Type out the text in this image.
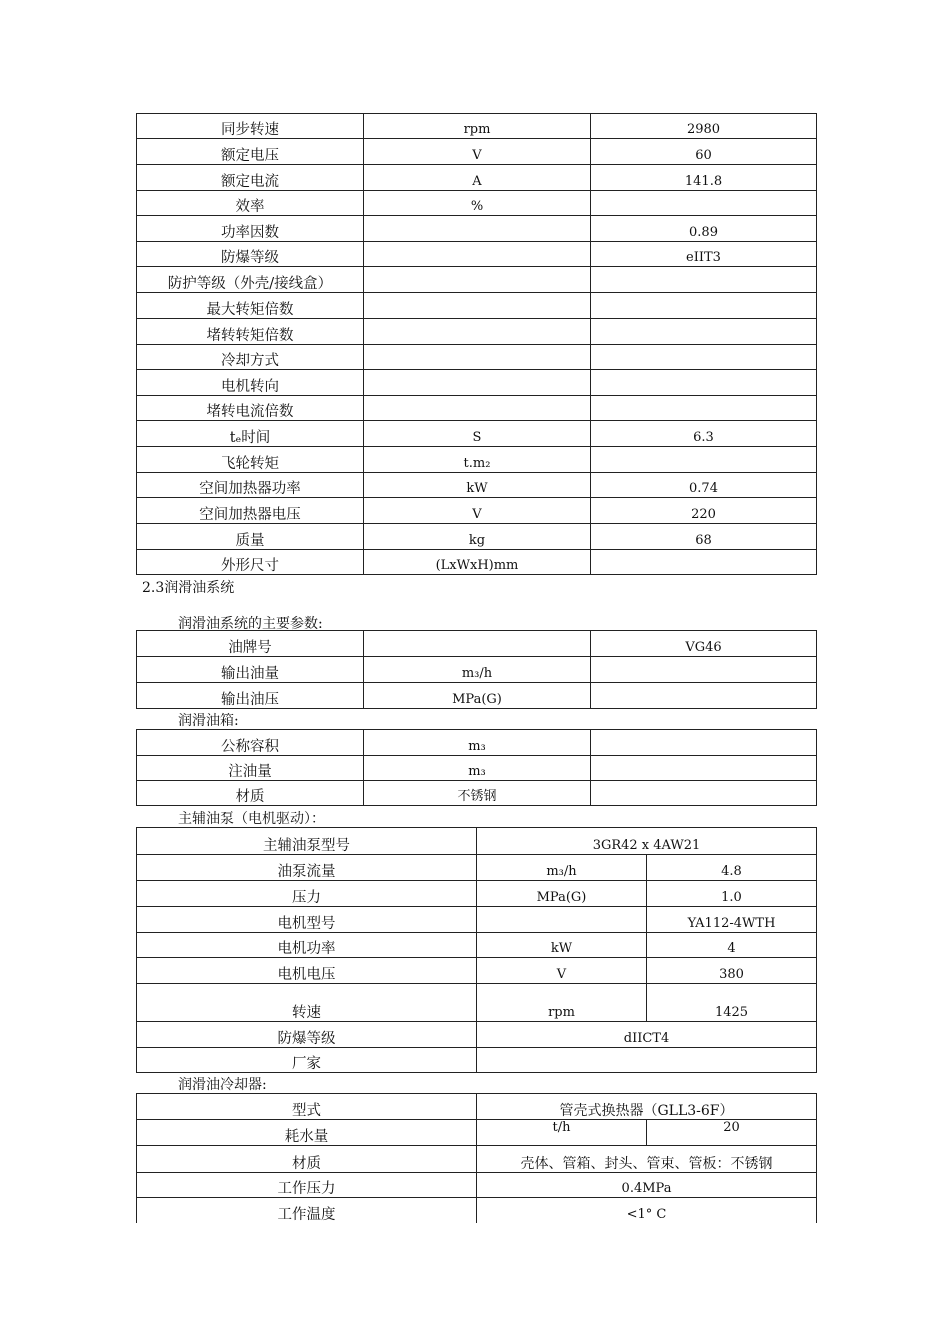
同步转速	rpm	2980
额定电压	V	60
额定电流	A	141.8
效率	%	
功率因数		0.89
防爆等级		eIIT3
防护等级（外壳/接线盒）		
最大转矩倍数		
堵转转矩倍数		
冷却方式		
电机转向		
堵转电流倍数		
tₑ时间	S	6.3
飞轮转矩	t.m₂	
空间加热器功率	kW	0.74
空间加热器电压	V	220
质量	kg	68
外形尺寸	(LxWxH)mm	
2.3润滑油系统
润滑油系统的主要参数:
油牌号		VG46
输出油量	m₃/h	
输出油压	MPa(G)	
润滑油箱:
公称容积	m₃	
注油量	m₃	
材质	不锈钢	
主辅油泵（电机驱动）：
主辅油泵型号	3GR42 x 4AW21	
油泵流量	m₃/h	4.8
压力	MPa(G)	1.0
电机型号		YA112-4WTH
电机功率	kW	4
电机电压	V	380
转速	rpm	1425
防爆等级	dIICT4	
厂家		
润滑油冷却器:
型式	管壳式换热器（GLL3-6F）	
耗水量	t/h	20
材质	壳体、管箱、封头、管束、管板：不锈钢	
工作压力	0.4MPa	
工作温度	<1° C	
